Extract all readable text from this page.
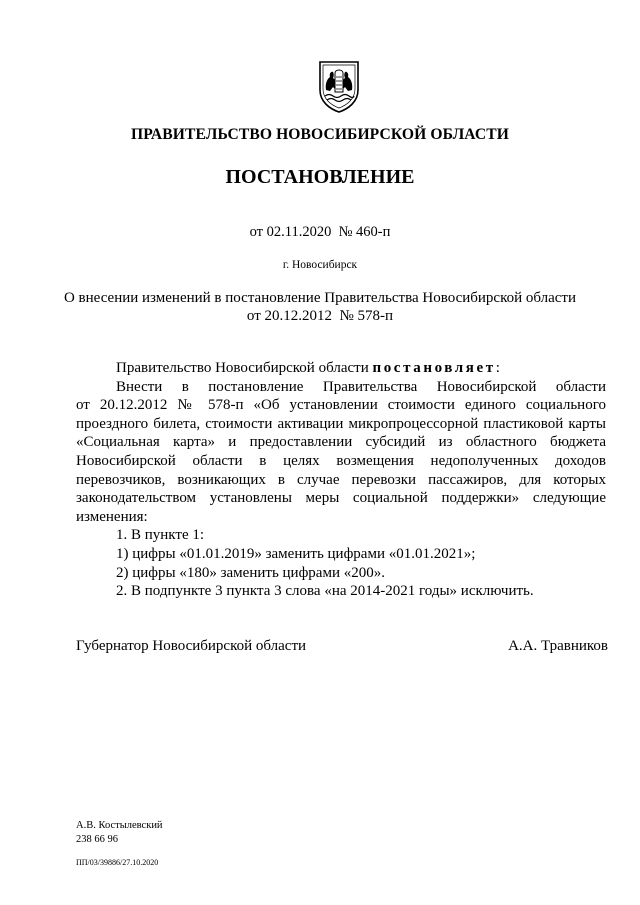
ПРАВИТЕЛЬСТВО НОВОСИБИРСКОЙ ОБЛАСТИ
ПОСТАНОВЛЕНИЕ
от 02.11.2020  № 460-п
г. Новосибирск
О внесении изменений в постановление Правительства Новосибирской области
от 20.12.2012  № 578-п

Правительство Новосибирской области постановляет:

Внести в постановление Правительства Новосибирской области

от 20.12.2012 № 578-п «Об установлении стоимости единого социального проездного билета, стоимости активации микропроцессорной пластиковой карты «Социальная карта» и предоставлении субсидий из областного бюджета Новосибирской области в целях возмещения недополученных доходов перевозчиков, возникающих в случае перевозки пассажиров, для которых законодательством установлены меры социальной поддержки» следующие изменения:

1. В пункте 1:

1) цифры «01.01.2019» заменить цифрами «01.01.2021»;

2) цифры «180» заменить цифрами «200».

2. В подпункте 3 пункта 3 слова «на 2014-2021 годы» исключить.

Губернатор Новосибирской области	А.А. Травников
А.В. Костылевский
238 66 96
ПП/03/39886/27.10.2020
